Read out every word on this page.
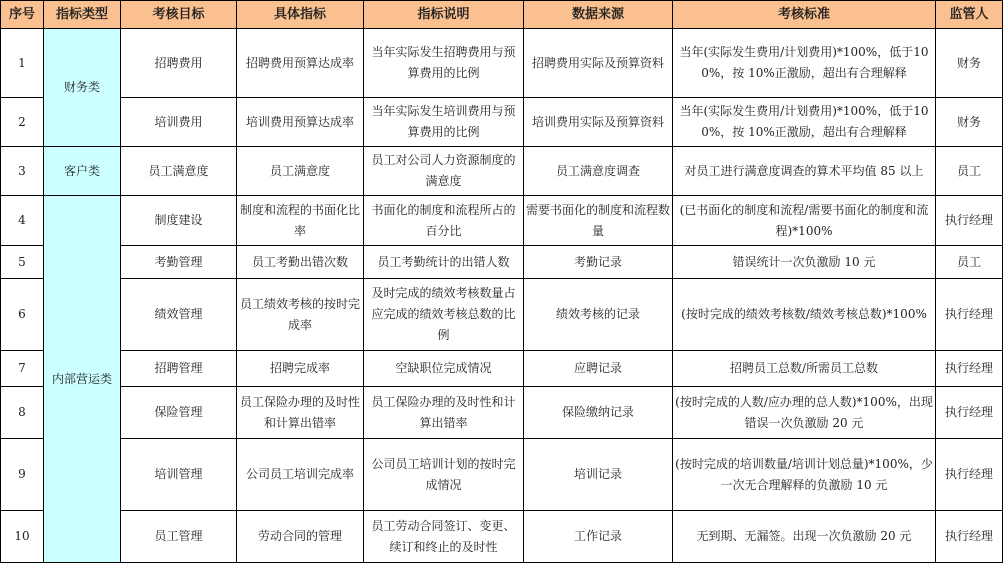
序号	指标类型	考核目标	具体指标	指标说明	数据来源	考核标准	监管人
1	财务类	招聘费用	招聘费用预算达成率	当年实际发生招聘费用与预算费用的比例	招聘费用实际及预算资料	当年(实际发生费用/计划费用)*100%，低于100%，按 10%正激励，超出有合理解释	财务
2		培训费用	培训费用预算达成率	当年实际发生培训费用与预算费用的比例	培训费用实际及预算资料	当年(实际发生费用/计划费用)*100%，低于100%，按 10%正激励，超出有合理解释	财务
3	客户类	员工满意度	员工满意度	员工对公司人力资源制度的满意度	员工满意度调查	对员工进行满意度调查的算术平均值 85 以上	员工
4	内部营运类	制度建设	制度和流程的书面化比率	书面化的制度和流程所占的百分比	需要书面化的制度和流程数量	(已书面化的制度和流程/需要书面化的制度和流程)*100%	执行经理
5		考勤管理	员工考勤出错次数	员工考勤统计的出错人数	考勤记录	错误统计一次负激励 10 元	员工
6		绩效管理	员工绩效考核的按时完成率	及时完成的绩效考核数量占应完成的绩效考核总数的比例	绩效考核的记录	(按时完成的绩效考核数/绩效考核总数)*100%	执行经理
7		招聘管理	招聘完成率	空缺职位完成情况	应聘记录	招聘员工总数/所需员工总数	执行经理
8		保险管理	员工保险办理的及时性和计算出错率	员工保险办理的及时性和计算出错率	保险缴纳记录	(按时完成的人数/应办理的总人数)*100%，出现错误一次负激励 20 元	执行经理
9		培训管理	公司员工培训完成率	公司员工培训计划的按时完成情况	培训记录	(按时完成的培训数量/培训计划总量)*100%，少一次无合理解释的负激励 10 元	执行经理
10		员工管理	劳动合同的管理	员工劳动合同签订、变更、续订和终止的及时性	工作记录	无到期、无漏签。出现一次负激励 20 元	执行经理
